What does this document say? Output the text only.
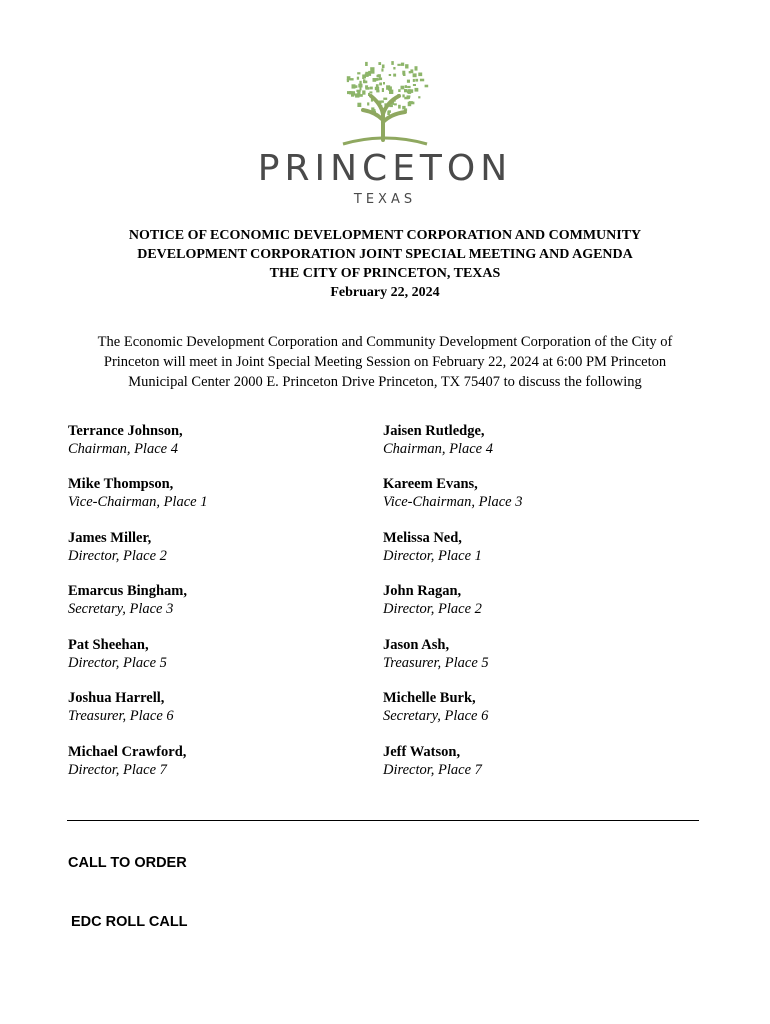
PRINCETON
TEXAS
NOTICE OF ECONOMIC DEVELOPMENT CORPORATION AND COMMUNITY
DEVELOPMENT CORPORATION JOINT SPECIAL MEETING AND AGENDA
THE CITY OF PRINCETON, TEXAS
February 22, 2024
The Economic Development Corporation and Community Development Corporation of the City of Princeton will meet in Joint Special Meeting Session on February 22, 2024 at 6:00 PM Princeton Municipal Center 2000 E. Princeton Drive Princeton, TX 75407 to discuss the following
Terrance Johnson,
Chairman, Place 4
Mike Thompson,
Vice-Chairman, Place 1
James Miller,
Director, Place 2
Emarcus Bingham,
Secretary, Place 3
Pat Sheehan,
Director, Place 5
Joshua Harrell,
Treasurer, Place 6
Michael Crawford,
Director, Place 7
Jaisen Rutledge,
Chairman, Place 4
Kareem Evans,
Vice-Chairman, Place 3
Melissa Ned,
Director, Place 1
John Ragan,
Director, Place 2
Jason Ash,
Treasurer, Place 5
Michelle Burk,
Secretary, Place 6
Jeff Watson,
Director, Place 7
CALL TO ORDER
EDC ROLL CALL
